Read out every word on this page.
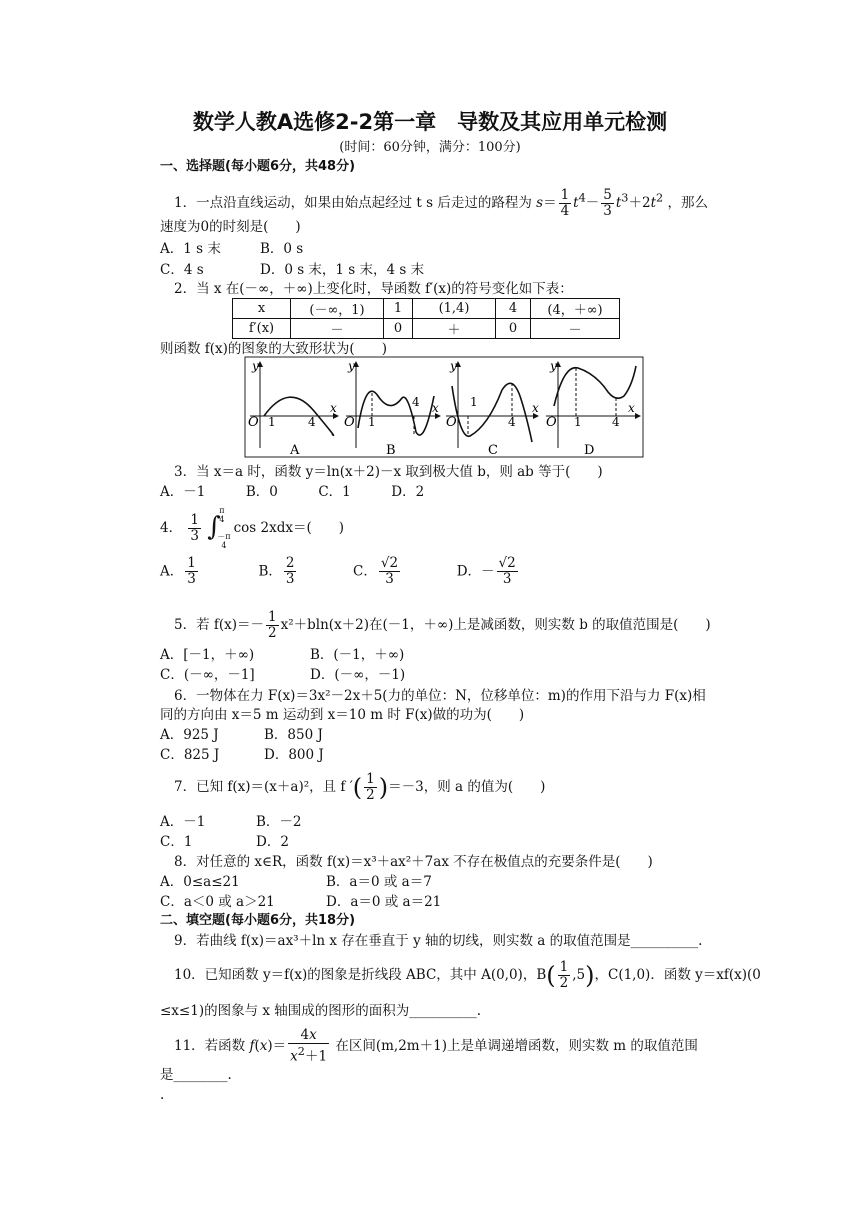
数学人教A选修2-2第一章　导数及其应用单元检测
(时间：60分钟，满分：100分)
一、选择题(每小题6分，共48分)
1．一点沿直线运动，如果由始点起经过 t s 后走过的路程为 $s= \frac{1}{4} t^4- \frac{5}{3} t^3+2t^2$ ，那么
速度为0的时刻是(　　)
A．1 s 末	B．0 s
C．4 s	D．0 s 末，1 s 末，4 s 末
2．当 x 在(－∞，＋∞)上变化时，导函数 f′(x)的符号变化如下表：
x	(－∞，1)	1	(1,4)	4	(4，＋∞)
f′(x)	－	0	＋	0	－
则函数 f(x)的图象的大致形状为(　　)
y
x
O 1	4
A
y
x
O 1
4
B
y
x
O
1
4
C
y
x
O 1	4
D
3．当 x＝a 时，函数 y＝ln(x＋2)－x 取到极大值 b，则 ab 等于(　　)
A．－1　　　B．0　　　C．1　　　D．2
4． $\frac{1}{3}$
∫
π
4
－π
4
cos 2xdx＝(　　)
A． $\frac{1}{3}$	B． $\frac{2}{3}$	C． $\frac{√2}{3}$	D．－ $\frac{√2}{3}$
5．若 $f(x)=- \frac{1}{2} x^2+bln(x+2)$在(－1，＋∞)上是减函数，则实数 b 的取值范围是(　　)
A．[－1，＋∞)	B．(－1，＋∞)
C．(－∞，－1]	D．(－∞，－1)
6．一物体在力 F(x)＝3x²－2x＋5(力的单位：N，位移单位：m)的作用下沿与力 F(x)相
同的方向由 x＝5 m 运动到 x＝10 m 时 F(x)做的功为(　　)
A．925 J	B．850 J
C．825 J	D．800 J
7．已知 f(x)＝(x＋a)²，且 f ′( $\frac{1}{2} )=-3$，则 a 的值为(　　)
A．－1	B．－2
C．1	D．2
8．对任意的 x∈R，函数 f(x)＝x³＋ax²＋7ax 不存在极值点的充要条件是(　　)
A．0≤a≤21	B．a＝0 或 a＝7
C．a＜0 或 a＞21	D．a＝0 或 a＝21
二、填空题(每小题6分，共18分)
9．若曲线 f(x)＝ax³＋ln x 存在垂直于 y 轴的切线，则实数 a 的取值范围是__________.
10．已知函数 y＝f(x)的图象是折线段 ABC，其中 A(0,0)，$B( \frac{1}{2} ,5)$，C(1,0)．函数 y＝xf(x)(0
≤x≤1)的图象与 x 轴围成的图形的面积为__________.
11．若函数 $f(x)= \frac{4x}{x^2+1}$ 在区间(m,2m＋1)上是单调递增函数，则实数 m 的取值范围
是________.
.
